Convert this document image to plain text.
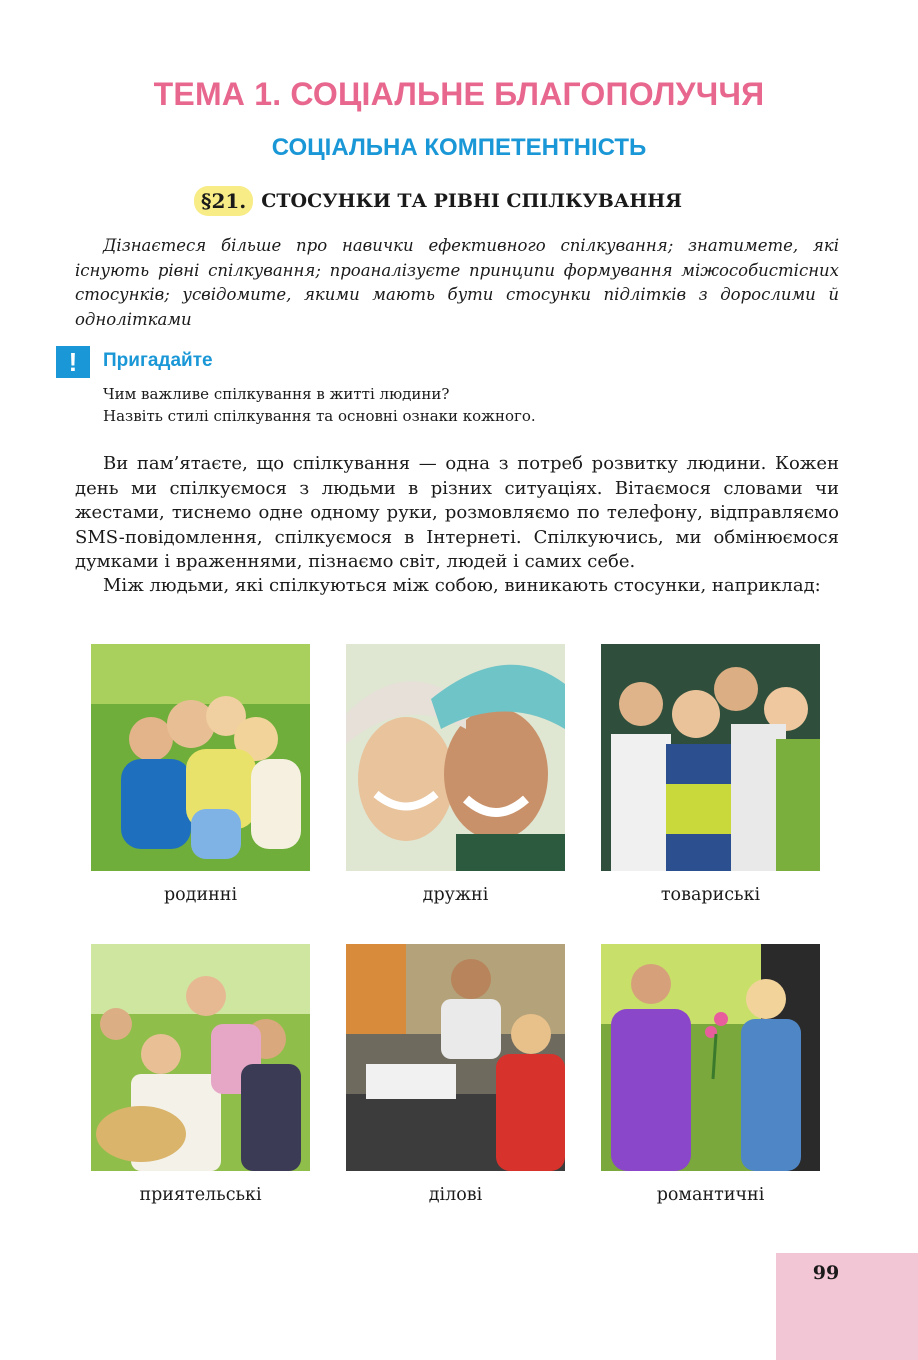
ТЕМА 1. СОЦІАЛЬНЕ БЛАГОПОЛУЧЧЯ
СОЦІАЛЬНА КОМПЕТЕНТНІСТЬ
§21. СТОСУНКИ ТА РІВНІ СПІЛКУВАННЯ

Дізнаєтеся більше про навички ефективного спілкування; знатимете, які існують рівні спілкування; проаналізуєте принципи формування міжособистісних стосунків; усвідомите, якими мають бути стосунки підлітків з дорослими й однолітками

!	Пригадайте

Чим важливе спілкування в житті людини?

Назвіть стилі спілкування та основні ознаки кожного.

Ви пам’ятаєте, що спілкування — одна з потреб розвитку людини. Кожен день ми спілкуємося з людьми в різних ситуаціях. Вітаємося словами чи жестами, тиснемо одне одному руки, розмовляємо по телефону, відправляємо SMS-повідомлення, спілкуємося в Інтернеті. Спілкуючись, ми обмінюємося думками і враженнями, пізнаємо світ, людей і самих себе.

Між людьми, які спілкуються між собою, виникають стосунки, наприклад:

родинні	дружні	товариські
приятельські	ділові	романтичні
99
